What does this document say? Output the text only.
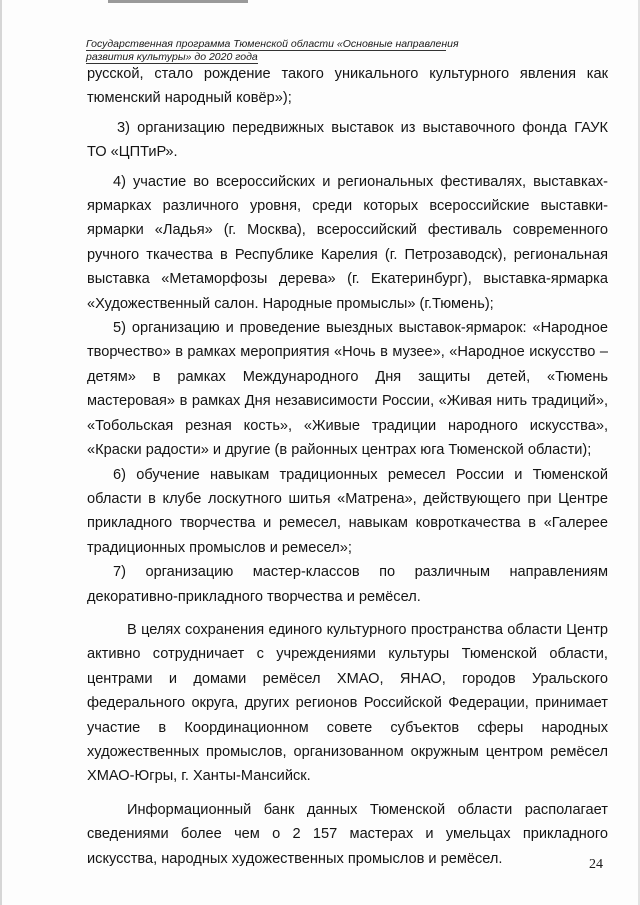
Государственная программа Тюменской области «Основные направления
развития культуры» до 2020 года

русской, стало рождение такого уникального культурного явления как тюменский народный ковёр»);

3) организацию передвижных выставок из выставочного фонда ГАУК ТО «ЦПТиР».

4) участие во всероссийских и региональных фестивалях, выставках-ярмарках различного уровня, среди которых всероссийские выставки-ярмарки «Ладья» (г. Москва), всероссийский фестиваль современного ручного ткачества в Республике Карелия (г. Петрозаводск), региональная выставка «Метаморфозы дерева» (г. Екатеринбург), выставка-ярмарка «Художественный салон. Народные промыслы» (г.Тюмень);

5) организацию и проведение выездных выставок-ярмарок: «Народное творчество» в рамках мероприятия «Ночь в музее», «Народное искусство – детям» в рамках Международного Дня защиты детей, «Тюмень мастеровая» в рамках Дня независимости России, «Живая нить традиций», «Тобольская резная кость», «Живые традиции народного искусства», «Краски радости» и другие (в районных центрах юга Тюменской области);

6) обучение навыкам традиционных ремесел России и Тюменской области в клубе лоскутного шитья «Матрена», действующего при Центре прикладного творчества и ремесел, навыкам ковроткачества в «Галерее традиционных промыслов и ремесел»;

7) организацию мастер-классов по различным направлениям декоративно-прикладного творчества и ремёсел.

В целях сохранения единого культурного пространства области Центр активно сотрудничает с учреждениями культуры Тюменской области, центрами и домами ремёсел ХМАО, ЯНАО, городов Уральского федерального округа, других регионов Российской Федерации, принимает участие в Координационном совете субъектов сферы народных художественных промыслов, организованном окружным центром ремёсел ХМАО-Югры, г. Ханты-Мансийск.

Информационный банк данных Тюменской области располагает сведениями более чем о 2 157 мастерах и умельцах прикладного искусства, народных художественных промыслов и ремёсел.	24
